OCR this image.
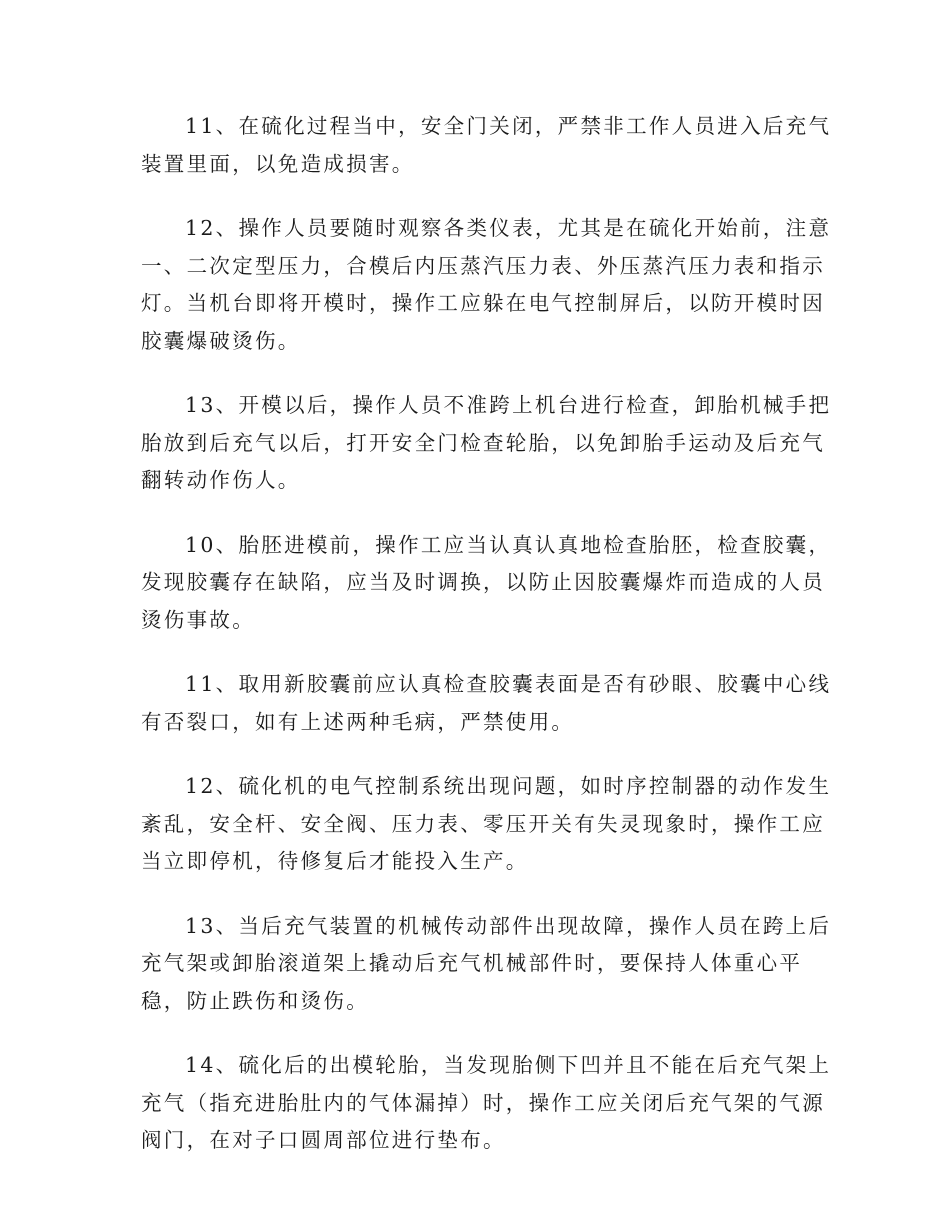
11、在硫化过程当中，安全门关闭，严禁非工作人员进入后充气
装置里面，以免造成损害。

12、操作人员要随时观察各类仪表，尤其是在硫化开始前，注意
一、二次定型压力，合模后内压蒸汽压力表、外压蒸汽压力表和指示
灯。当机台即将开模时，操作工应躲在电气控制屏后，以防开模时因
胶囊爆破烫伤。

13、开模以后，操作人员不准跨上机台进行检查，卸胎机械手把
胎放到后充气以后，打开安全门检查轮胎，以免卸胎手运动及后充气
翻转动作伤人。

10、胎胚进模前，操作工应当认真认真地检查胎胚，检查胶囊，
发现胶囊存在缺陷，应当及时调换，以防止因胶囊爆炸而造成的人员
烫伤事故。

11、取用新胶囊前应认真检查胶囊表面是否有砂眼、胶囊中心线
有否裂口，如有上述两种毛病，严禁使用。

12、硫化机的电气控制系统出现问题，如时序控制器的动作发生
紊乱，安全杆、安全阀、压力表、零压开关有失灵现象时，操作工应
当立即停机，待修复后才能投入生产。

13、当后充气装置的机械传动部件出现故障，操作人员在跨上后
充气架或卸胎滚道架上撬动后充气机械部件时，要保持人体重心平
稳，防止跌伤和烫伤。

14、硫化后的出模轮胎，当发现胎侧下凹并且不能在后充气架上
充气（指充进胎肚内的气体漏掉）时，操作工应关闭后充气架的气源
阀门，在对子口圆周部位进行垫布。
